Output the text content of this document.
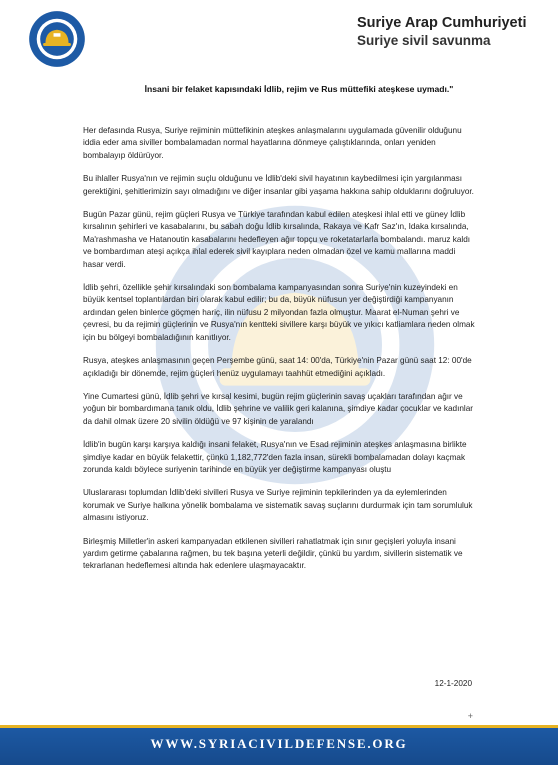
Suriye Arap Cumhuriyeti
Suriye sivil savunma
İnsani bir felaket kapısındaki İdlib, rejim ve Rus müttefiki ateşkese uymadı."

Her defasında Rusya, Suriye rejiminin müttefikinin ateşkes anlaşmalarını uygulamada güvenilir olduğunu iddia eder ama siviller bombalamadan normal hayatlarına dönmeye çalıştıklarında, onları yeniden bombalayıp öldürüyor.

Bu ihlaller Rusya'nın ve rejimin suçlu olduğunu ve İdlib'deki sivil hayatının kaybedilmesi için yargılanması gerektiğini, şehitlerimizin sayı olmadığını ve diğer insanlar gibi yaşama hakkına sahip olduklarını doğruluyor.

Bugün Pazar günü, rejim güçleri Rusya ve Türkiye tarafından kabul edilen ateşkesi ihlal etti ve güney İdlib kırsalının şehirleri ve kasabalarını, bu sabah doğu İdlib kırsalında, Rakaya ve Kafr Saz'ın, Idaka kırsalında, Ma'rashmasha ve Hatanoutin kasabalarını hedefleyen ağır topçu ve roketatarlarla bombalandı. maruz kaldı ve bombardıman ateşi açıkça ihlal ederek sivil kayıplara neden olmadan özel ve kamu mallarına maddi hasar verdi.

İdlib şehri, özellikle şehir kırsalındaki son bombalama kampanyasından sonra Suriye'nin kuzeyindeki en büyük kentsel toplantılardan biri olarak kabul edilir; bu da, büyük nüfusun yer değiştirdiği kampanyanın ardından gelen binlerce göçmen hariç, ilin nüfusu 2 milyondan fazla olmuştur. Maarat el-Numan şehri ve çevresi, bu da rejimin güçlerinin ve Rusya'nın kentteki sivillere karşı büyük ve yıkıcı katliamlara neden olmak için bu bölgeyi bombaladığının kanıtlıyor.

Rusya, ateşkes anlaşmasının geçen Perşembe günü, saat 14: 00'da, Türkiye'nin Pazar günü saat 12: 00'de açıkladığı bir dönemde, rejim güçleri henüz uygulamayı taahhüt etmediğini açıkladı.

Yine Cumartesi günü, İdlib şehri ve kırsal kesimi, bugün rejim güçlerinin savaş uçakları tarafından ağır ve yoğun bir bombardımana tanık oldu, İdlib şehrine ve valilik geri kalanına, şimdiye kadar çocuklar ve kadınlar da dahil olmak üzere 20 sivilin öldüğü ve 97 kişinin de yaralandı

İdlib'in bugün karşı karşıya kaldığı insani felaket, Rusya'nın ve Esad rejiminin ateşkes anlaşmasına birlikte şimdiye kadar en büyük felakettir, çünkü 1,182,772'den fazla insan, sürekli bombalamadan dolayı kaçmak zorunda kaldı böylece suriyenin tarihinde en büyük yer değiştirme kampanyası oluştu

Uluslararası toplumdan İdlib'deki sivilleri Rusya ve Suriye rejiminin tepkilerinden ya da eylemlerinden korumak ve Suriye halkına yönelik bombalama ve sistematik savaş suçlarını durdurmak için tam sorumluluk almasını istiyoruz.

Birleşmiş Milletler'in askeri kampanyadan etkilenen sivilleri rahatlatmak için sınır geçişleri yoluyla insani yardım getirme çabalarına rağmen, bu tek başına yeterli değildir, çünkü bu yardım, sivillerin sistematik ve tekrarlanan hedeflemesi altında hak edenlere ulaşmayacaktır.

12-1-2020
+
WWW.SYRIACIVILDEFENSE.ORG
